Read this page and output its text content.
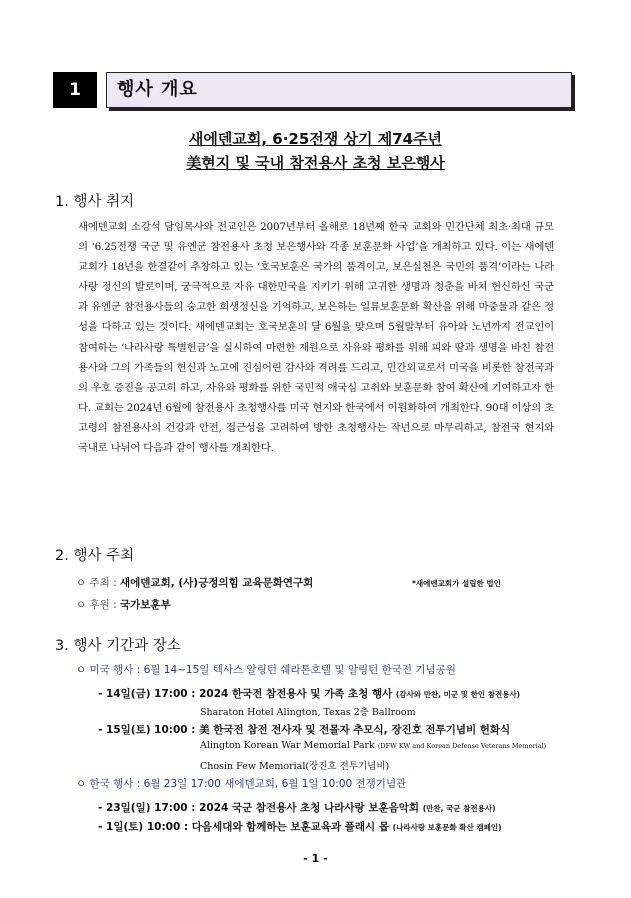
1	행사 개요
새에덴교회, 6·25전쟁 상기 제74주년
美현지 및 국내 참전용사 초청 보은행사
1. 행사 취지
새에덴교회 소강석 담임목사와 전교인은 2007년부터 올해로 18년째 한국 교회와 민간단체 최초·최대 규모의 ‘6.25전쟁 국군 및 유엔군 참전용사 초청 보은행사와 각종 보훈문화 사업’을 개최하고 있다. 이는 새에덴교회가 18년을 한결같이 추창하고 있는 ‘호국보훈은 국가의 품격이고, 보은실천은 국민의 품격’이라는 나라사랑 정신의 발로이며, 궁극적으로 자유 대한민국을 지키기 위해 고귀한 생명과 청춘을 바쳐 헌신하신 국군과 유엔군 참전용사들의 숭고한 희생정신을 기억하고, 보은하는 일류보훈문화 확산을 위해 마중물과 같은 정성을 다하고 있는 것이다. 새에덴교회는 호국보훈의 달 6월을 맞으며 5월말부터 유아와 노년까지 전교인이 참여하는 ‘나라사랑 특별헌금’을 실시하여 마련한 재원으로 자유와 평화를 위해 피와 땀과 생명을 바친 참전용사와 그의 가족들의 헌신과 노고에 진심어린 감사와 격려를 드리고, 민간외교로서 미국을 비롯한 참전국과의 우호 증진을 공고히 하고, 자유와 평화를 위한 국민적 애국심 고취와 보훈문화 참여 확산에 기여하고자 한다. 교회는 2024년 6월에 참전용사 초청행사를 미국 현지와 한국에서 이원화하여 개최한다. 90대 이상의 초고령의 참전용사의 건강과 안전, 접근성을 고려하여 방한 초청행사는 작년으로 마무리하고, 참전국 현지와 국내로 나뉘어 다음과 같이 행사를 개최한다.
2. 행사 주최
ㅇ 주최 : 새에덴교회, (사)긍정의힘 교육문화연구회	*새에덴교회가 설립한 법인
ㅇ 후원 : 국가보훈부
3. 행사 기간과 장소
ㅇ 미국 행사 : 6월 14~15일 텍사스 알링턴 쉐라톤호텔 및 알링턴 한국전 기념공원
- 14일(금) 17:00 : 2024 한국전 참전용사 및 가족 초청 행사 (감사와 만찬, 미군 및 한인 참전용사)
Sharaton Hotel Alington, Texas 2층 Ballroom
- 15일(토) 10:00 : 美 한국전 참전 전사자 및 전몰자 추모식, 장진호 전투기념비 헌화식
Alington Korean War Memorial Park (DFW KW and Korean Defense Veterans Memorial)
Chosin Few Memorial(장진호 전투기념비)
ㅇ 한국 행사 : 6월 23일 17:00 새에덴교회, 6월 1일 10:00 전쟁기념관
- 23일(일) 17:00 : 2024 국군 참전용사 초청 나라사랑 보훈음악회 (만찬, 국군 참전용사)
- 1일(토) 10:00 : 다음세대와 함께하는 보훈교육과 플래시 몹 (나라사랑 보훈문화 확산 캠페인)
- 1 -
